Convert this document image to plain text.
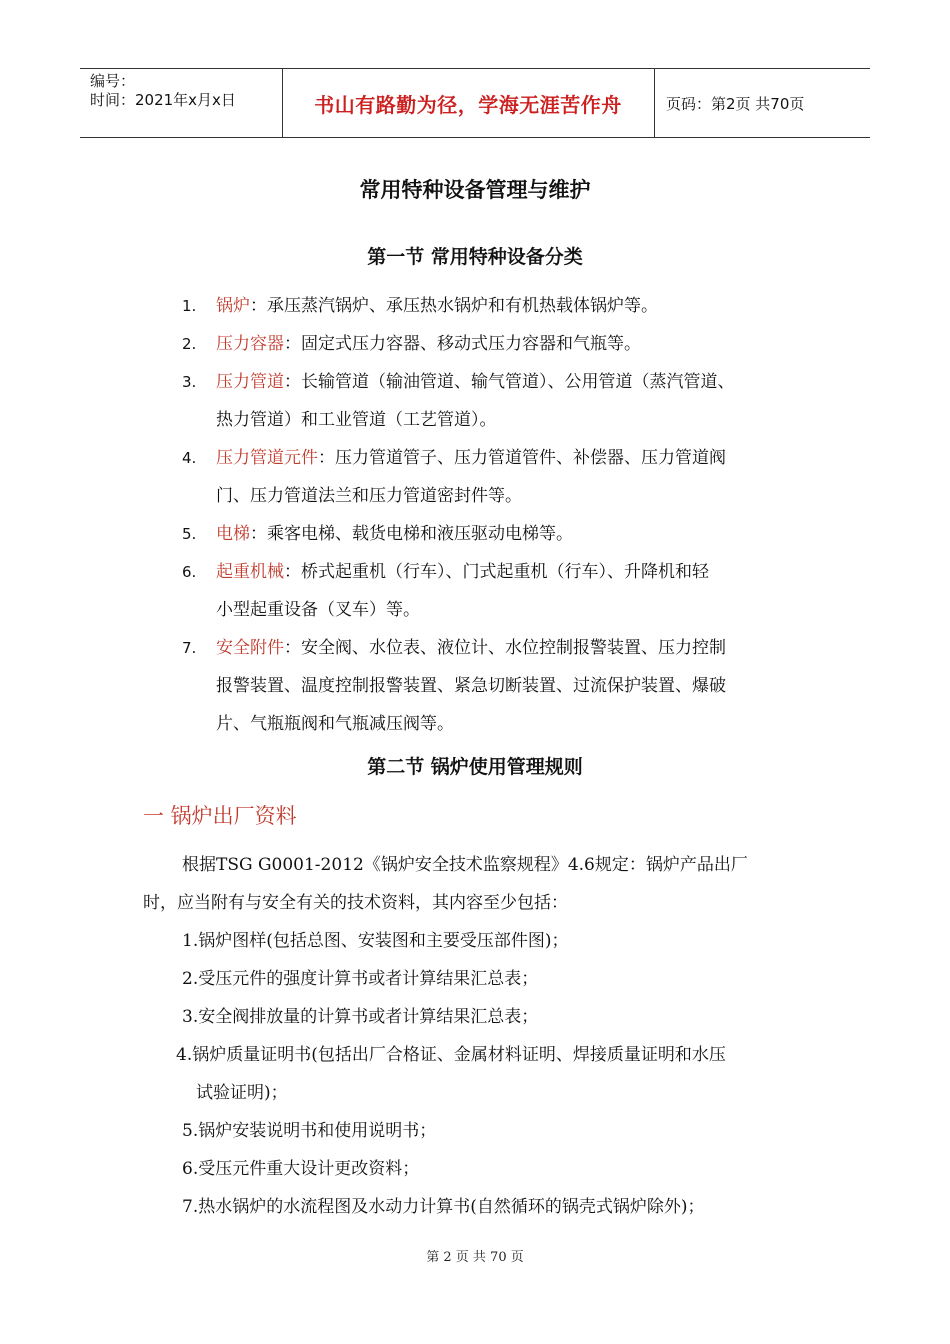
编号：
时间：2021年x月x日	书山有路勤为径，学海无涯苦作舟	页码：第2页 共70页
常用特种设备管理与维护
第一节 常用特种设备分类
1. 锅炉：承压蒸汽锅炉、承压热水锅炉和有机热载体锅炉等。
2. 压力容器：固定式压力容器、移动式压力容器和气瓶等。
3. 压力管道：长输管道（输油管道、输气管道）、公用管道（蒸汽管道、
热力管道）和工业管道（工艺管道）。
4. 压力管道元件：压力管道管子、压力管道管件、补偿器、压力管道阀
门、压力管道法兰和压力管道密封件等。
5. 电梯：乘客电梯、载货电梯和液压驱动电梯等。
6. 起重机械：桥式起重机（行车）、门式起重机（行车）、升降机和轻
小型起重设备（叉车）等。
7. 安全附件：安全阀、水位表、液位计、水位控制报警装置、压力控制
报警装置、温度控制报警装置、紧急切断装置、过流保护装置、爆破
片、气瓶瓶阀和气瓶减压阀等。
第二节 锅炉使用管理规则
一 锅炉出厂资料
根据TSG G0001-2012《锅炉安全技术监察规程》4.6规定：锅炉产品出厂
时，应当附有与安全有关的技术资料，其内容至少包括：
1.锅炉图样(包括总图、安装图和主要受压部件图)；
2.受压元件的强度计算书或者计算结果汇总表；
3.安全阀排放量的计算书或者计算结果汇总表；
4.锅炉质量证明书(包括出厂合格证、金属材料证明、焊接质量证明和水压
试验证明)；
5.锅炉安装说明书和使用说明书；
6.受压元件重大设计更改资料；
7.热水锅炉的水流程图及水动力计算书(自然循环的锅壳式锅炉除外)；
第 2 页 共 70 页
